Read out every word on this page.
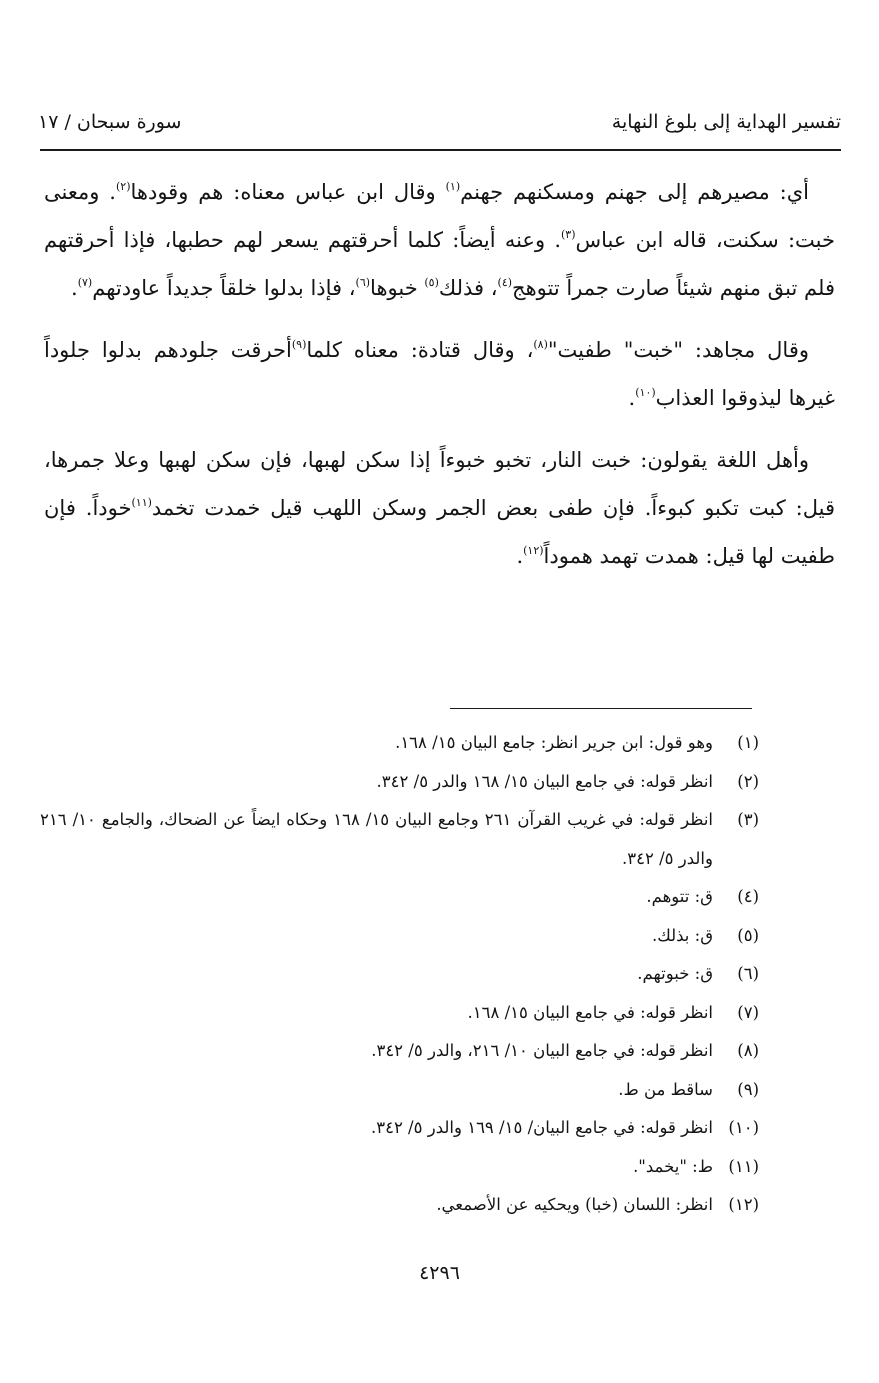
تفسير الهداية إلى بلوغ النهاية
سورة سبحان / ١٧

أي: مصيرهم إلى جهنم ومسكنهم جهنم$^{(١)}$ وقال ابن عباس معناه: هم وقودها$^{(٢)}$. ومعنى خبت: سكنت، قاله ابن عباس$^{(٣)}$. وعنه أيضاً: كلما أحرقتهم يسعر لهم حطبها، فإذا أحرقتهم فلم تبق منهم شيئاً صارت جمراً تتوهج$^{(٤)}$، فذلك$^{(٥)}$ خبوها$^{(٦)}$، فإذا بدلوا خلقاً جديداً عاودتهم$^{(٧)}$.

وقال مجاهد: "خبت" طفيت"$^{(٨)}$، وقال قتادة: معناه كلما$^{(٩)}$أحرقت جلودهم بدلوا جلوداً غيرها ليذوقوا العذاب$^{(١٠)}$.

وأهل اللغة يقولون: خبت النار، تخبو خبوءاً إذا سكن لهبها، فإن سكن لهبها وعلا جمرها، قيل: كبت تكبو كبوءاً. فإن طفى بعض الجمر وسكن اللهب قيل خمدت تخمد$^{(١١)}$خوداً. فإن طفيت لها قيل: همدت تهمد هموداً$^{(١٢)}$.

(١)
وهو قول: ابن جرير انظر: جامع البيان ١٥/ ١٦٨.
(٢)
انظر قوله: في جامع البيان ١٥/ ١٦٨ والدر ٥/ ٣٤٢.
(٣)
انظر قوله: في غريب القرآن ٢٦١ وجامع البيان ١٥/ ١٦٨ وحكاه ايضاً عن الضحاك، والجامع ١٠/ ٢١٦ والدر ٥/ ٣٤٢.
(٤)
ق: تتوهم.
(٥)
ق: بذلك.
(٦)
ق: خبوتهم.
(٧)
انظر قوله: في جامع البيان ١٥/ ١٦٨.
(٨)
انظر قوله: في جامع البيان ١٠/ ٢١٦، والدر ٥/ ٣٤٢.
(٩)
ساقط من ط.
(١٠)
انظر قوله: في جامع البيان/ ١٥/ ١٦٩ والدر ٥/ ٣٤٢.
(١١)
ط: "يخمد".
(١٢)
انظر: اللسان (خبا) ويحكيه عن الأصمعي.
٤٢٩٦
